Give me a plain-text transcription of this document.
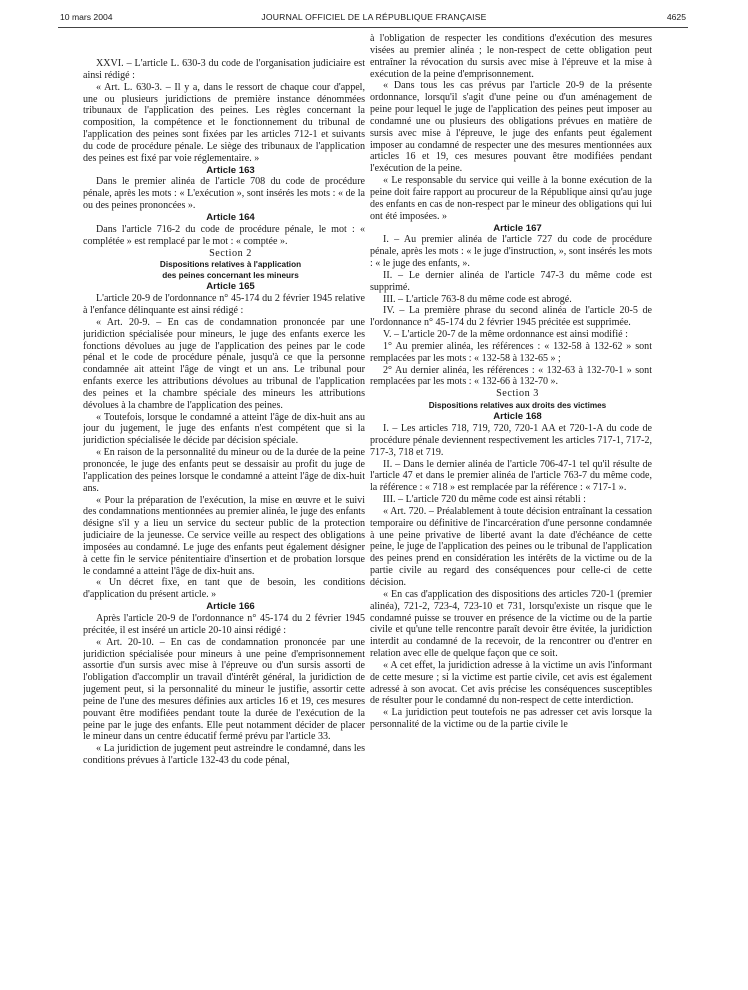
10 mars 2004	JOURNAL OFFICIEL DE LA RÉPUBLIQUE FRANÇAISE	4625

XXVI. – L'article L. 630-3 du code de l'organisation judiciaire est ainsi rédigé :

« Art. L. 630-3. – Il y a, dans le ressort de chaque cour d'appel, une ou plusieurs juridictions de première instance dénommées tribunaux de l'application des peines. Les règles concernant la composition, la compétence et le fonctionnement du tribunal de l'application des peines sont fixées par les articles 712-1 et suivants du code de procédure pénale. Le siège des tribunaux de l'application des peines est fixé par voie réglementaire. »

Article 163

Dans le premier alinéa de l'article 708 du code de procédure pénale, après les mots : « L'exécution », sont insérés les mots : « de la ou des peines prononcées ».

Article 164

Dans l'article 716-2 du code de procédure pénale, le mot : « complétée » est remplacé par le mot : « comptée ».

Section 2

Dispositions relatives à l'application

des peines concernant les mineurs

Article 165

L'article 20-9 de l'ordonnance n° 45-174 du 2 février 1945 relative à l'enfance délinquante est ainsi rédigé :

« Art. 20-9. – En cas de condamnation prononcée par une juridiction spécialisée pour mineurs, le juge des enfants exerce les fonctions dévolues au juge de l'application des peines par le code pénal et le code de procédure pénale, jusqu'à ce que la personne condamnée ait atteint l'âge de vingt et un ans. Le tribunal pour enfants exerce les attributions dévolues au tribunal de l'application des peines et la chambre spéciale des mineurs les attributions dévolues à la chambre de l'application des peines.

« Toutefois, lorsque le condamné a atteint l'âge de dix-huit ans au jour du jugement, le juge des enfants n'est compétent que si la juridiction spécialisée le décide par décision spéciale.

« En raison de la personnalité du mineur ou de la durée de la peine prononcée, le juge des enfants peut se dessaisir au profit du juge de l'application des peines lorsque le condamné a atteint l'âge de dix-huit ans.

« Pour la préparation de l'exécution, la mise en œuvre et le suivi des condamnations mentionnées au premier alinéa, le juge des enfants désigne s'il y a lieu un service du secteur public de la protection judiciaire de la jeunesse. Ce service veille au respect des obligations imposées au condamné. Le juge des enfants peut également désigner à cette fin le service pénitentiaire d'insertion et de probation lorsque le condamné a atteint l'âge de dix-huit ans.

« Un décret fixe, en tant que de besoin, les conditions d'application du présent article. »

Article 166

Après l'article 20-9 de l'ordonnance n° 45-174 du 2 février 1945 précitée, il est inséré un article 20-10 ainsi rédigé :

« Art. 20-10. – En cas de condamnation prononcée par une juridiction spécialisée pour mineurs à une peine d'emprisonnement assortie d'un sursis avec mise à l'épreuve ou d'un sursis assorti de l'obligation d'accomplir un travail d'intérêt général, la juridiction de jugement peut, si la personnalité du mineur le justifie, assortir cette peine de l'une des mesures définies aux articles 16 et 19, ces mesures pouvant être modifiées pendant toute la durée de l'exécution de la peine par le juge des enfants. Elle peut notamment décider de placer le mineur dans un centre éducatif fermé prévu par l'article 33.

« La juridiction de jugement peut astreindre le condamné, dans les conditions prévues à l'article 132-43 du code pénal,

à l'obligation de respecter les conditions d'exécution des mesures visées au premier alinéa ; le non-respect de cette obligation peut entraîner la révocation du sursis avec mise à l'épreuve et la mise à exécution de la peine d'emprisonnement.

« Dans tous les cas prévus par l'article 20-9 de la présente ordonnance, lorsqu'il s'agit d'une peine ou d'un aménagement de peine pour lequel le juge de l'application des peines peut imposer au condamné une ou plusieurs des obligations prévues en matière de sursis avec mise à l'épreuve, le juge des enfants peut également imposer au condamné de respecter une des mesures mentionnées aux articles 16 et 19, ces mesures pouvant être modifiées pendant l'exécution de la peine.

« Le responsable du service qui veille à la bonne exécution de la peine doit faire rapport au procureur de la République ainsi qu'au juge des enfants en cas de non-respect par le mineur des obligations qui lui ont été imposées. »

Article 167

I. – Au premier alinéa de l'article 727 du code de procédure pénale, après les mots : « le juge d'instruction, », sont insérés les mots : « le juge des enfants, ».

II. – Le dernier alinéa de l'article 747-3 du même code est supprimé.

III. – L'article 763-8 du même code est abrogé.

IV. – La première phrase du second alinéa de l'article 20-5 de l'ordonnance n° 45-174 du 2 février 1945 précitée est supprimée.

V. – L'article 20-7 de la même ordonnance est ainsi modifié :

1° Au premier alinéa, les références : « 132-58 à 132-62 » sont remplacées par les mots : « 132-58 à 132-65 » ;

2° Au dernier alinéa, les références : « 132-63 à 132-70-1 » sont remplacées par les mots : « 132-66 à 132-70 ».

Section 3

Dispositions relatives aux droits des victimes

Article 168

I. – Les articles 718, 719, 720, 720-1 AA et 720-1-A du code de procédure pénale deviennent respectivement les articles 717-1, 717-2, 717-3, 718 et 719.

II. – Dans le dernier alinéa de l'article 706-47-1 tel qu'il résulte de l'article 47 et dans le premier alinéa de l'article 763-7 du même code, la référence : « 718 » est remplacée par la référence : « 717-1 ».

III. – L'article 720 du même code est ainsi rétabli :

« Art. 720. – Préalablement à toute décision entraînant la cessation temporaire ou définitive de l'incarcération d'une personne condamnée à une peine privative de liberté avant la date d'échéance de cette peine, le juge de l'application des peines ou le tribunal de l'application des peines prend en considération les intérêts de la victime ou de la partie civile au regard des conséquences pour celle-ci de cette décision.

« En cas d'application des dispositions des articles 720-1 (premier alinéa), 721-2, 723-4, 723-10 et 731, lorsqu'existe un risque que le condamné puisse se trouver en présence de la victime ou de la partie civile et qu'une telle rencontre paraît devoir être évitée, la juridiction interdit au condamné de la recevoir, de la rencontrer ou d'entrer en relation avec elle de quelque façon que ce soit.

« A cet effet, la juridiction adresse à la victime un avis l'informant de cette mesure ; si la victime est partie civile, cet avis est également adressé à son avocat. Cet avis précise les conséquences susceptibles de résulter pour le condamné du non-respect de cette interdiction.

« La juridiction peut toutefois ne pas adresser cet avis lorsque la personnalité de la victime ou de la partie civile le
